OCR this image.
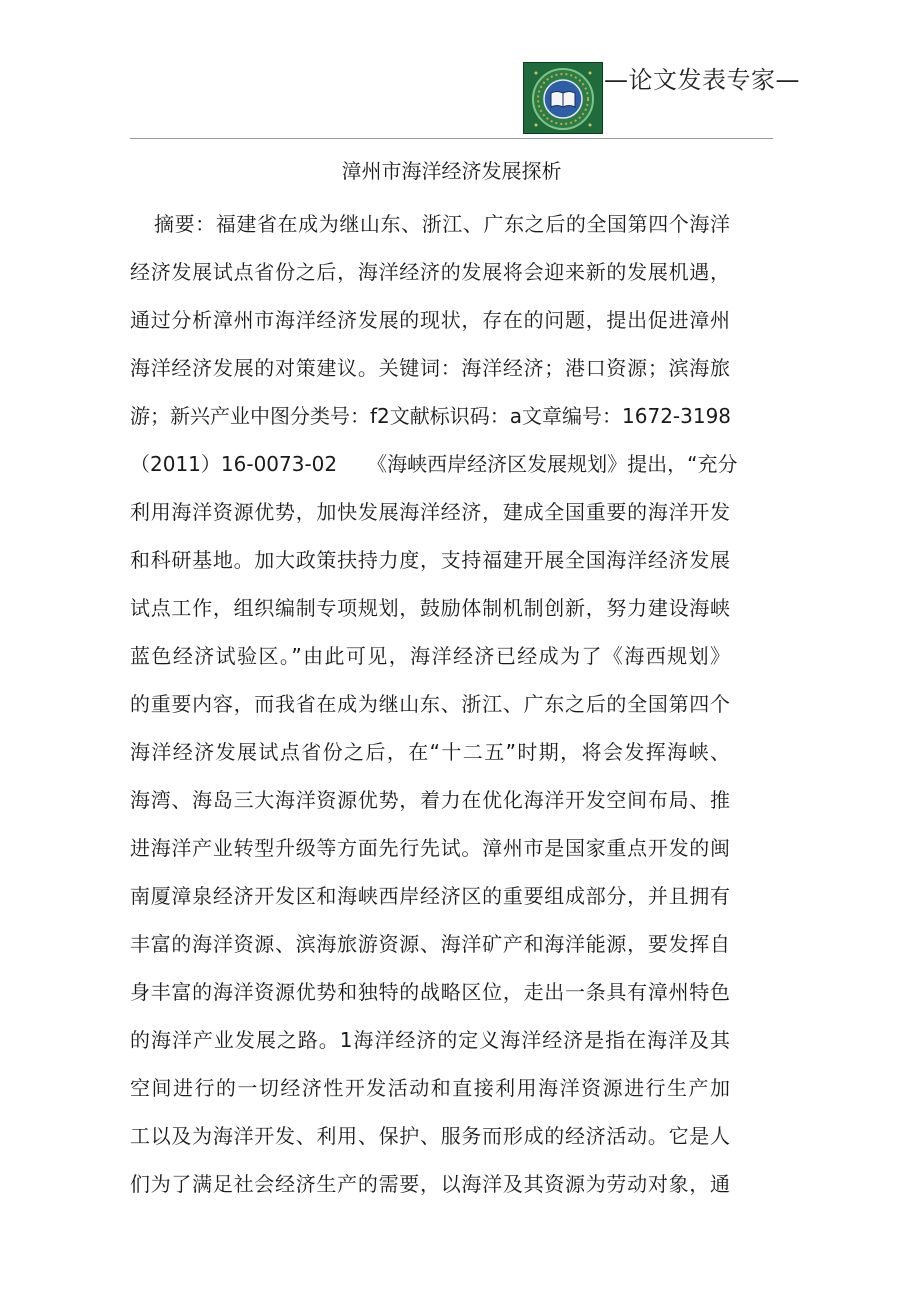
—论文发表专家—
漳州市海洋经济发展探析
摘要：福建省在成为继山东、浙江、广东之后的全国第四个海洋
经济发展试点省份之后，海洋经济的发展将会迎来新的发展机遇，
通过分析漳州市海洋经济发展的现状，存在的问题，提出促进漳州
海洋经济发展的对策建议。关键词：海洋经济；港口资源；滨海旅
游；新兴产业中图分类号：f2文献标识码：a文章编号：1672-3198
（2011）16-0073-02　　《海峡西岸经济区发展规划》提出，“充分
利用海洋资源优势，加快发展海洋经济，建成全国重要的海洋开发
和科研基地。加大政策扶持力度，支持福建开展全国海洋经济发展
试点工作，组织编制专项规划，鼓励体制机制创新，努力建设海峡
蓝色经济试验区。”由此可见，海洋经济已经成为了《海西规划》
的重要内容，而我省在成为继山东、浙江、广东之后的全国第四个
海洋经济发展试点省份之后，在“十二五”时期，将会发挥海峡、
海湾、海岛三大海洋资源优势，着力在优化海洋开发空间布局、推
进海洋产业转型升级等方面先行先试。漳州市是国家重点开发的闽
南厦漳泉经济开发区和海峡西岸经济区的重要组成部分，并且拥有
丰富的海洋资源、滨海旅游资源、海洋矿产和海洋能源，要发挥自
身丰富的海洋资源优势和独特的战略区位，走出一条具有漳州特色
的海洋产业发展之路。1海洋经济的定义海洋经济是指在海洋及其
空间进行的一切经济性开发活动和直接利用海洋资源进行生产加
工以及为海洋开发、利用、保护、服务而形成的经济活动。它是人
们为了满足社会经济生产的需要，以海洋及其资源为劳动对象，通
